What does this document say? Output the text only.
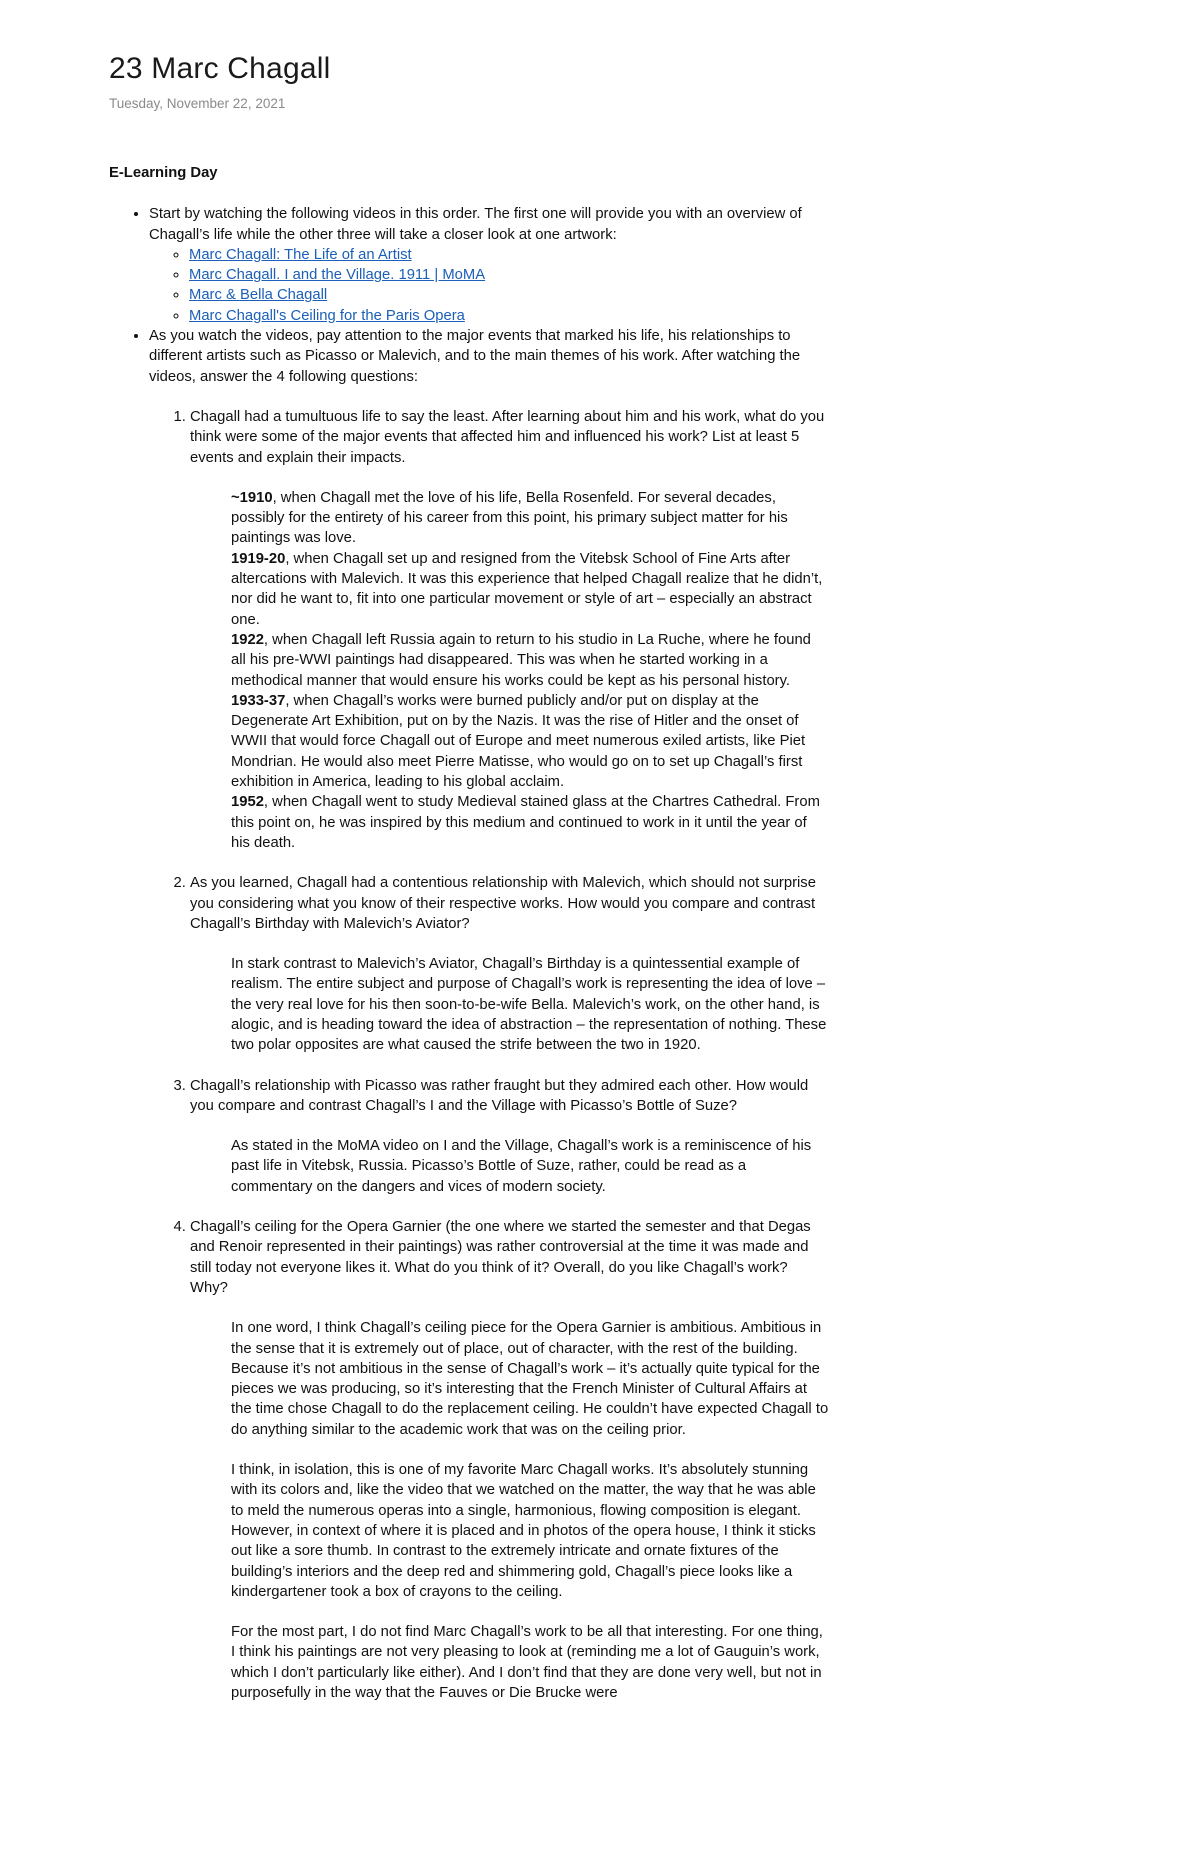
23 Marc Chagall
Tuesday, November 22, 2021
E-Learning Day
• Start by watching the following videos in this order. The first one will provide you with an overview of Chagall’s life while the other three will take a closer look at one artwork:
◦ Marc Chagall: The Life of an Artist
◦ Marc Chagall. I and the Village. 1911 | MoMA
◦ Marc & Bella Chagall
◦ Marc Chagall's Ceiling for the Paris Opera
• As you watch the videos, pay attention to the major events that marked his life, his relationships to different artists such as Picasso or Malevich, and to the main themes of his work. After watching the videos, answer the 4 following questions:
1. Chagall had a tumultuous life to say the least. After learning about him and his work, what do you think were some of the major events that affected him and influenced his work? List at least 5 events and explain their impacts.

~1910, when Chagall met the love of his life, Bella Rosenfeld. For several decades, possibly for the entirety of his career from this point, his primary subject matter for his paintings was love.

1919-20, when Chagall set up and resigned from the Vitebsk School of Fine Arts after altercations with Malevich. It was this experience that helped Chagall realize that he didn’t, nor did he want to, fit into one particular movement or style of art – especially an abstract one.

1922, when Chagall left Russia again to return to his studio in La Ruche, where he found all his pre-WWI paintings had disappeared. This was when he started working in a methodical manner that would ensure his works could be kept as his personal history.

1933-37, when Chagall’s works were burned publicly and/or put on display at the Degenerate Art Exhibition, put on by the Nazis. It was the rise of Hitler and the onset of WWII that would force Chagall out of Europe and meet numerous exiled artists, like Piet Mondrian. He would also meet Pierre Matisse, who would go on to set up Chagall’s first exhibition in America, leading to his global acclaim.

1952, when Chagall went to study Medieval stained glass at the Chartres Cathedral. From this point on, he was inspired by this medium and continued to work in it until the year of his death.

2. As you learned, Chagall had a contentious relationship with Malevich, which should not surprise you considering what you know of their respective works. How would you compare and contrast Chagall’s Birthday with Malevich’s Aviator?

In stark contrast to Malevich’s Aviator, Chagall’s Birthday is a quintessential example of realism. The entire subject and purpose of Chagall’s work is representing the idea of love – the very real love for his then soon-to-be-wife Bella. Malevich’s work, on the other hand, is alogic, and is heading toward the idea of abstraction – the representation of nothing. These two polar opposites are what caused the strife between the two in 1920.

3. Chagall’s relationship with Picasso was rather fraught but they admired each other. How would you compare and contrast Chagall’s I and the Village with Picasso’s Bottle of Suze?

As stated in the MoMA video on I and the Village, Chagall’s work is a reminiscence of his past life in Vitebsk, Russia. Picasso’s Bottle of Suze, rather, could be read as a commentary on the dangers and vices of modern society.

4. Chagall’s ceiling for the Opera Garnier (the one where we started the semester and that Degas and Renoir represented in their paintings) was rather controversial at the time it was made and still today not everyone likes it. What do you think of it? Overall, do you like Chagall’s work? Why?

In one word, I think Chagall’s ceiling piece for the Opera Garnier is ambitious. Ambitious in the sense that it is extremely out of place, out of character, with the rest of the building. Because it’s not ambitious in the sense of Chagall’s work – it’s actually quite typical for the pieces we was producing, so it’s interesting that the French Minister of Cultural Affairs at the time chose Chagall to do the replacement ceiling. He couldn’t have expected Chagall to do anything similar to the academic work that was on the ceiling prior.

I think, in isolation, this is one of my favorite Marc Chagall works. It’s absolutely stunning with its colors and, like the video that we watched on the matter, the way that he was able to meld the numerous operas into a single, harmonious, flowing composition is elegant. However, in context of where it is placed and in photos of the opera house, I think it sticks out like a sore thumb. In contrast to the extremely intricate and ornate fixtures of the building’s interiors and the deep red and shimmering gold, Chagall’s piece looks like a kindergartener took a box of crayons to the ceiling.

For the most part, I do not find Marc Chagall’s work to be all that interesting. For one thing, I think his paintings are not very pleasing to look at (reminding me a lot of Gauguin’s work, which I don’t particularly like either). And I don’t find that they are done very well, but not in purposefully in the way that the Fauves or Die Brucke were
